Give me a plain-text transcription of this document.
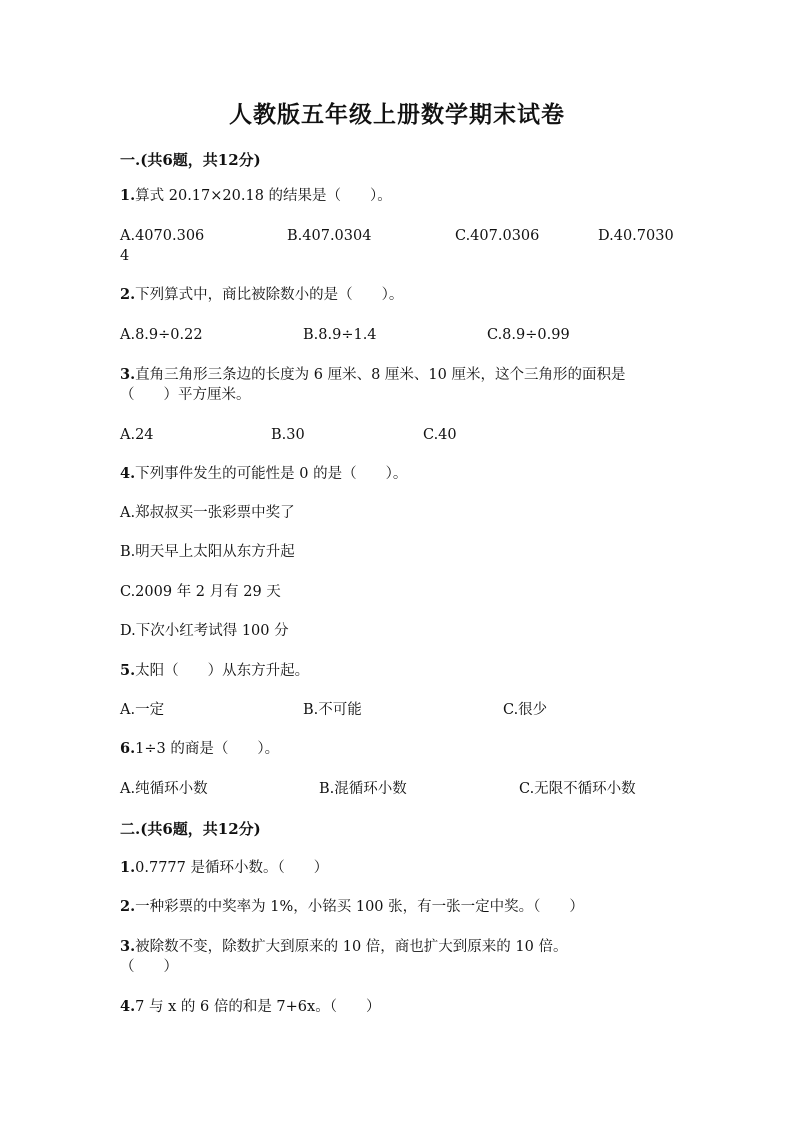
人教版五年级上册数学期末试卷
一.(共6题，共12分)
1.算式 20.17×20.18 的结果是（　　）。
A.4070.306	B.407.0304	C.407.0306	D.40.7030
4
2.下列算式中，商比被除数小的是（　　）。
A.8.9÷0.22	B.8.9÷1.4	C.8.9÷0.99
3.直角三角形三条边的长度为 6 厘米、8 厘米、10 厘米，这个三角形的面积是
（　　）平方厘米。
A.24	B.30	C.40
4.下列事件发生的可能性是 0 的是（　　）。
A.郑叔叔买一张彩票中奖了
B.明天早上太阳从东方升起
C.2009 年 2 月有 29 天
D.下次小红考试得 100 分
5.太阳（　　）从东方升起。
A.一定	B.不可能	C.很少
6.1÷3 的商是（　　）。
A.纯循环小数	B.混循环小数	C.无限不循环小数
二.(共6题，共12分)
1.0.7777 是循环小数。（　　）
2.一种彩票的中奖率为 1%，小铭买 100 张，有一张一定中奖。（　　）
3.被除数不变，除数扩大到原来的 10 倍，商也扩大到原来的 10 倍。
（　　）
4.7 与 x 的 6 倍的和是 7+6x。（　　）
